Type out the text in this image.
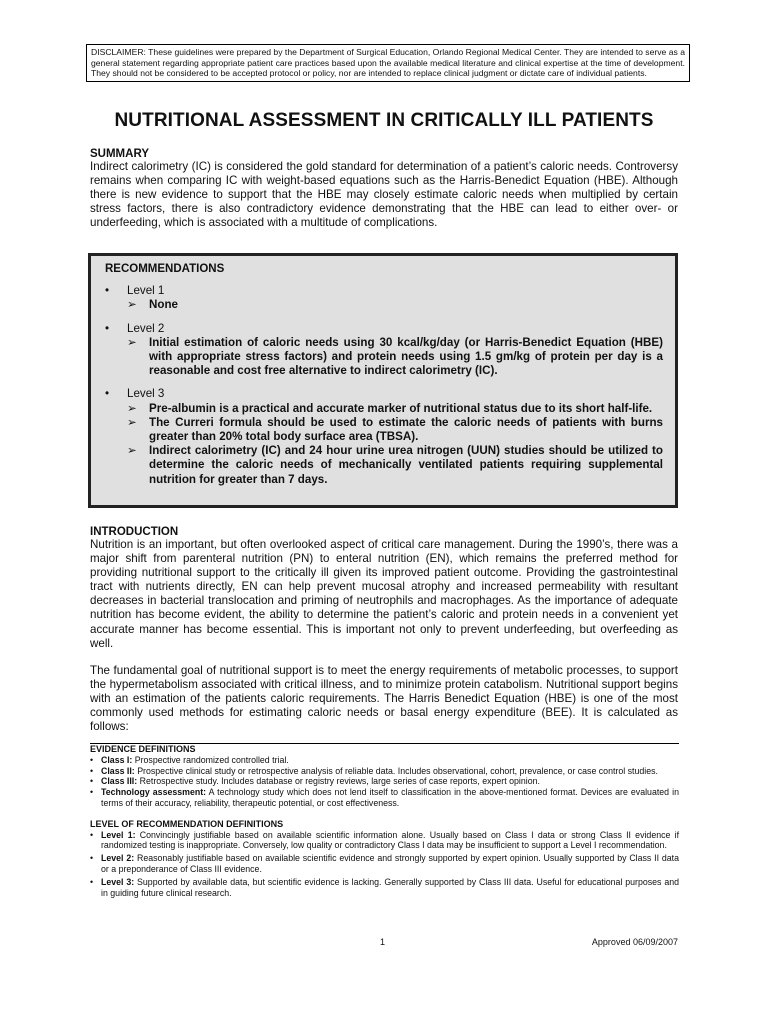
DISCLAIMER: These guidelines were prepared by the Department of Surgical Education, Orlando Regional Medical Center. They are intended to serve as a general statement regarding appropriate patient care practices based upon the available medical literature and clinical expertise at the time of development. They should not be considered to be accepted protocol or policy, nor are intended to replace clinical judgment or dictate care of individual patients.
NUTRITIONAL ASSESSMENT IN CRITICALLY ILL PATIENTS
SUMMARY
Indirect calorimetry (IC) is considered the gold standard for determination of a patient’s caloric needs. Controversy remains when comparing IC with weight-based equations such as the Harris-Benedict Equation (HBE). Although there is new evidence to support that the HBE may closely estimate caloric needs when multiplied by certain stress factors, there is also contradictory evidence demonstrating that the HBE can lead to either over- or underfeeding, which is associated with a multitude of complications.
RECOMMENDATIONS
• Level 1
➢ None
• Level 2
➢ Initial estimation of caloric needs using 30 kcal/kg/day (or Harris-Benedict Equation (HBE) with appropriate stress factors) and protein needs using 1.5 gm/kg of protein per day is a reasonable and cost free alternative to indirect calorimetry (IC).
• Level 3
➢ Pre-albumin is a practical and accurate marker of nutritional status due to its short half-life.
➢ The Curreri formula should be used to estimate the caloric needs of patients with burns greater than 20% total body surface area (TBSA).
➢ Indirect calorimetry (IC) and 24 hour urine urea nitrogen (UUN) studies should be utilized to determine the caloric needs of mechanically ventilated patients requiring supplemental nutrition for greater than 7 days.
INTRODUCTION
Nutrition is an important, but often overlooked aspect of critical care management. During the 1990’s, there was a major shift from parenteral nutrition (PN) to enteral nutrition (EN), which remains the preferred method for providing nutritional support to the critically ill given its improved patient outcome. Providing the gastrointestinal tract with nutrients directly, EN can help prevent mucosal atrophy and increased permeability with resultant decreases in bacterial translocation and priming of neutrophils and macrophages. As the importance of adequate nutrition has become evident, the ability to determine the patient’s caloric and protein needs in a convenient yet accurate manner has become essential. This is important not only to prevent underfeeding, but overfeeding as well.
The fundamental goal of nutritional support is to meet the energy requirements of metabolic processes, to support the hypermetabolism associated with critical illness, and to minimize protein catabolism. Nutritional support begins with an estimation of the patients caloric requirements. The Harris Benedict Equation (HBE) is one of the most commonly used methods for estimating caloric needs or basal energy expenditure (BEE). It is calculated as follows:
EVIDENCE DEFINITIONS
• Class I: Prospective randomized controlled trial.
• Class II: Prospective clinical study or retrospective analysis of reliable data. Includes observational, cohort, prevalence, or case control studies.
• Class III: Retrospective study. Includes database or registry reviews, large series of case reports, expert opinion.
• Technology assessment: A technology study which does not lend itself to classification in the above-mentioned format. Devices are evaluated in terms of their accuracy, reliability, therapeutic potential, or cost effectiveness.
LEVEL OF RECOMMENDATION DEFINITIONS
• Level 1: Convincingly justifiable based on available scientific information alone. Usually based on Class I data or strong Class II evidence if randomized testing is inappropriate. Conversely, low quality or contradictory Class I data may be insufficient to support a Level I recommendation.
• Level 2: Reasonably justifiable based on available scientific evidence and strongly supported by expert opinion. Usually supported by Class II data or a preponderance of Class III evidence.
• Level 3: Supported by available data, but scientific evidence is lacking. Generally supported by Class III data. Useful for educational purposes and in guiding future clinical research.
1	Approved 06/09/2007
